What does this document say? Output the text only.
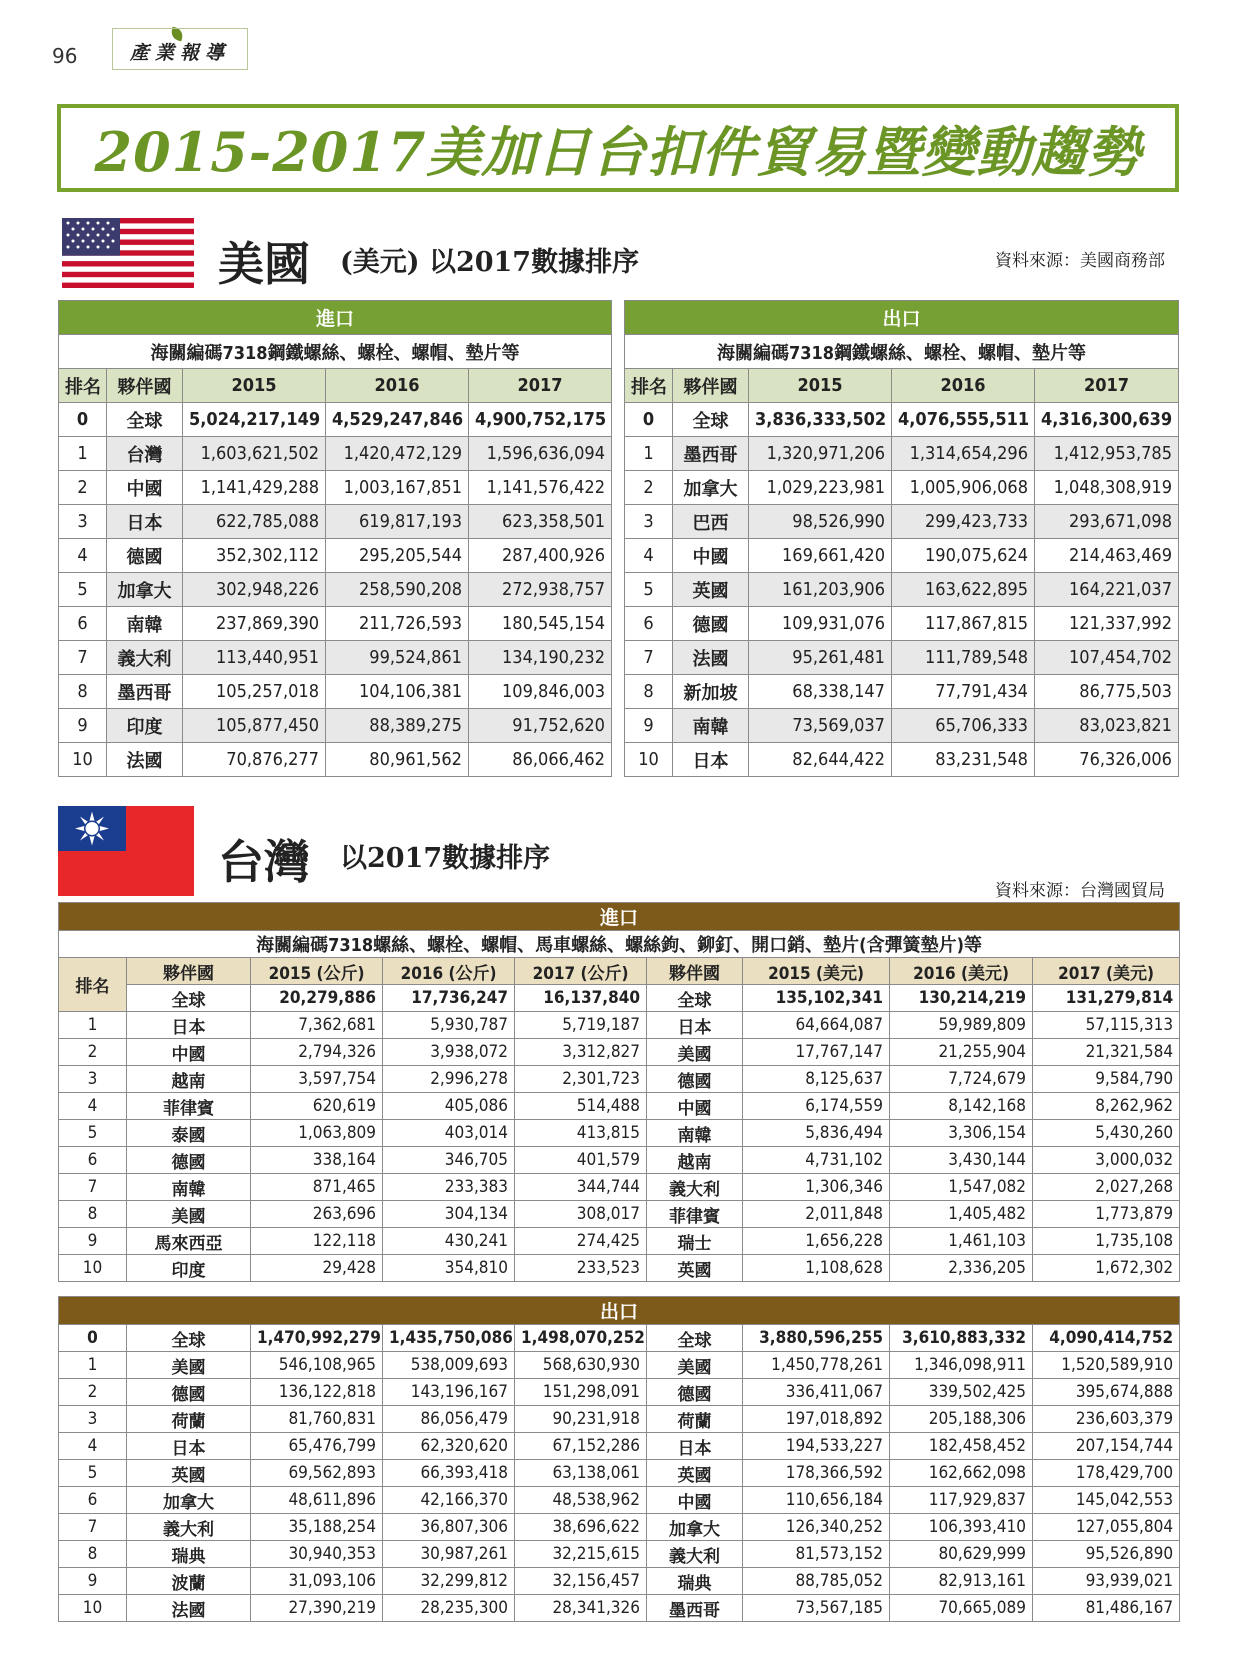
96	產業報導
2015-2017美加日台扣件貿易暨變動趨勢
美國 (美元) 以2017數據排序	資料來源：美國商務部
進口				
海關編碼7318鋼鐵螺絲、螺栓、螺帽、墊片等				
排名	夥伴國	2015	2016	2017
0	全球	5,024,217,149	4,529,247,846	4,900,752,175
1	台灣	1,603,621,502	1,420,472,129	1,596,636,094
2	中國	1,141,429,288	1,003,167,851	1,141,576,422
3	日本	622,785,088	619,817,193	623,358,501
4	德國	352,302,112	295,205,544	287,400,926
5	加拿大	302,948,226	258,590,208	272,938,757
6	南韓	237,869,390	211,726,593	180,545,154
7	義大利	113,440,951	99,524,861	134,190,232
8	墨西哥	105,257,018	104,106,381	109,846,003
9	印度	105,877,450	88,389,275	91,752,620
10	法國	70,876,277	80,961,562	86,066,462
出口				
海關編碼7318鋼鐵螺絲、螺栓、螺帽、墊片等				
排名	夥伴國	2015	2016	2017
0	全球	3,836,333,502	4,076,555,511	4,316,300,639
1	墨西哥	1,320,971,206	1,314,654,296	1,412,953,785
2	加拿大	1,029,223,981	1,005,906,068	1,048,308,919
3	巴西	98,526,990	299,423,733	293,671,098
4	中國	169,661,420	190,075,624	214,463,469
5	英國	161,203,906	163,622,895	164,221,037
6	德國	109,931,076	117,867,815	121,337,992
7	法國	95,261,481	111,789,548	107,454,702
8	新加坡	68,338,147	77,791,434	86,775,503
9	南韓	73,569,037	65,706,333	83,023,821
10	日本	82,644,422	83,231,548	76,326,006
台灣 以2017數據排序
資料來源：台灣國貿局
進口								
海關編碼7318螺絲、螺栓、螺帽、馬車螺絲、螺絲鉤、鉚釘、開口銷、墊片(含彈簧墊片)等								
排名	夥伴國	2015 (公斤)	2016 (公斤)	2017 (公斤)	夥伴國	2015 (美元)	2016 (美元)	2017 (美元)
	全球	20,279,886	17,736,247	16,137,840	全球	135,102,341	130,214,219	131,279,814
1	日本	7,362,681	5,930,787	5,719,187	日本	64,664,087	59,989,809	57,115,313
2	中國	2,794,326	3,938,072	3,312,827	美國	17,767,147	21,255,904	21,321,584
3	越南	3,597,754	2,996,278	2,301,723	德國	8,125,637	7,724,679	9,584,790
4	菲律賓	620,619	405,086	514,488	中國	6,174,559	8,142,168	8,262,962
5	泰國	1,063,809	403,014	413,815	南韓	5,836,494	3,306,154	5,430,260
6	德國	338,164	346,705	401,579	越南	4,731,102	3,430,144	3,000,032
7	南韓	871,465	233,383	344,744	義大利	1,306,346	1,547,082	2,027,268
8	美國	263,696	304,134	308,017	菲律賓	2,011,848	1,405,482	1,773,879
9	馬來西亞	122,118	430,241	274,425	瑞士	1,656,228	1,461,103	1,735,108
10	印度	29,428	354,810	233,523	英國	1,108,628	2,336,205	1,672,302
出口								
0	全球	1,470,992,279	1,435,750,086	1,498,070,252	全球	3,880,596,255	3,610,883,332	4,090,414,752
1	美國	546,108,965	538,009,693	568,630,930	美國	1,450,778,261	1,346,098,911	1,520,589,910
2	德國	136,122,818	143,196,167	151,298,091	德國	336,411,067	339,502,425	395,674,888
3	荷蘭	81,760,831	86,056,479	90,231,918	荷蘭	197,018,892	205,188,306	236,603,379
4	日本	65,476,799	62,320,620	67,152,286	日本	194,533,227	182,458,452	207,154,744
5	英國	69,562,893	66,393,418	63,138,061	英國	178,366,592	162,662,098	178,429,700
6	加拿大	48,611,896	42,166,370	48,538,962	中國	110,656,184	117,929,837	145,042,553
7	義大利	35,188,254	36,807,306	38,696,622	加拿大	126,340,252	106,393,410	127,055,804
8	瑞典	30,940,353	30,987,261	32,215,615	義大利	81,573,152	80,629,999	95,526,890
9	波蘭	31,093,106	32,299,812	32,156,457	瑞典	88,785,052	82,913,161	93,939,021
10	法國	27,390,219	28,235,300	28,341,326	墨西哥	73,567,185	70,665,089	81,486,167
